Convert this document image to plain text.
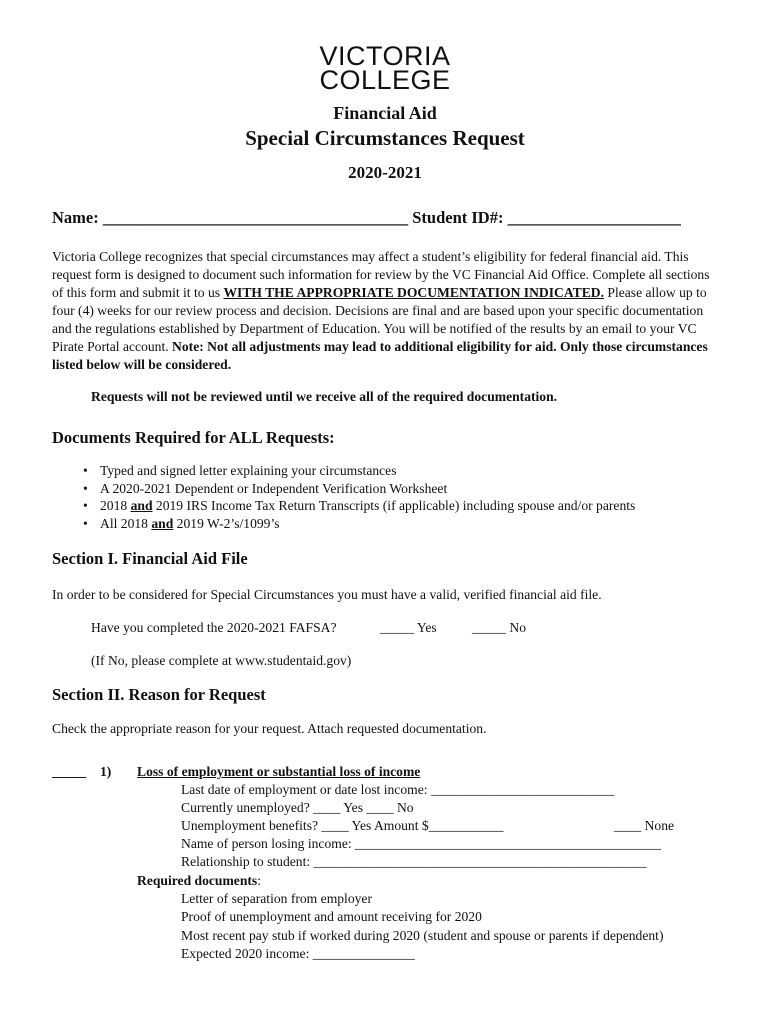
VICTORIA
COLLEGE
Financial Aid
Special Circumstances Request
2020-2021
Name: _____________________________________ Student ID#: _____________________
Victoria College recognizes that special circumstances may affect a student’s eligibility for federal financial aid. This request form is designed to document such information for review by the VC Financial Aid Office. Complete all sections of this form and submit it to us WITH THE APPROPRIATE DOCUMENTATION INDICATED. Please allow up to four (4) weeks for our review process and decision. Decisions are final and are based upon your specific documentation and the regulations established by Department of Education. You will be notified of the results by an email to your VC Pirate Portal account. Note: Not all adjustments may lead to additional eligibility for aid. Only those circumstances listed below will be considered.
Requests will not be reviewed until we receive all of the required documentation.
Documents Required for ALL Requests:
• Typed and signed letter explaining your circumstances
• A 2020-2021 Dependent or Independent Verification Worksheet
• 2018 and 2019 IRS Income Tax Return Transcripts (if applicable) including spouse and/or parents
• All 2018 and 2019 W-2’s/1099’s
Section I. Financial Aid File
In order to be considered for Special Circumstances you must have a valid, verified financial aid file.
Have you completed the 2020-2021 FAFSA?	_____ Yes	_____ No
(If No, please complete at www.studentaid.gov)
Section II. Reason for Request
Check the appropriate reason for your request. Attach requested documentation.
_____ 1) Loss of employment or substantial loss of income
Last date of employment or date lost income: ___________________________
Currently unemployed? ____ Yes ____ No
Unemployment benefits? ____ Yes Amount $___________	____ None
Name of person losing income: _____________________________________________
Relationship to student: _________________________________________________
Required documents:
Letter of separation from employer
Proof of unemployment and amount receiving for 2020
Most recent pay stub if worked during 2020 (student and spouse or parents if dependent)
Expected 2020 income: _______________
